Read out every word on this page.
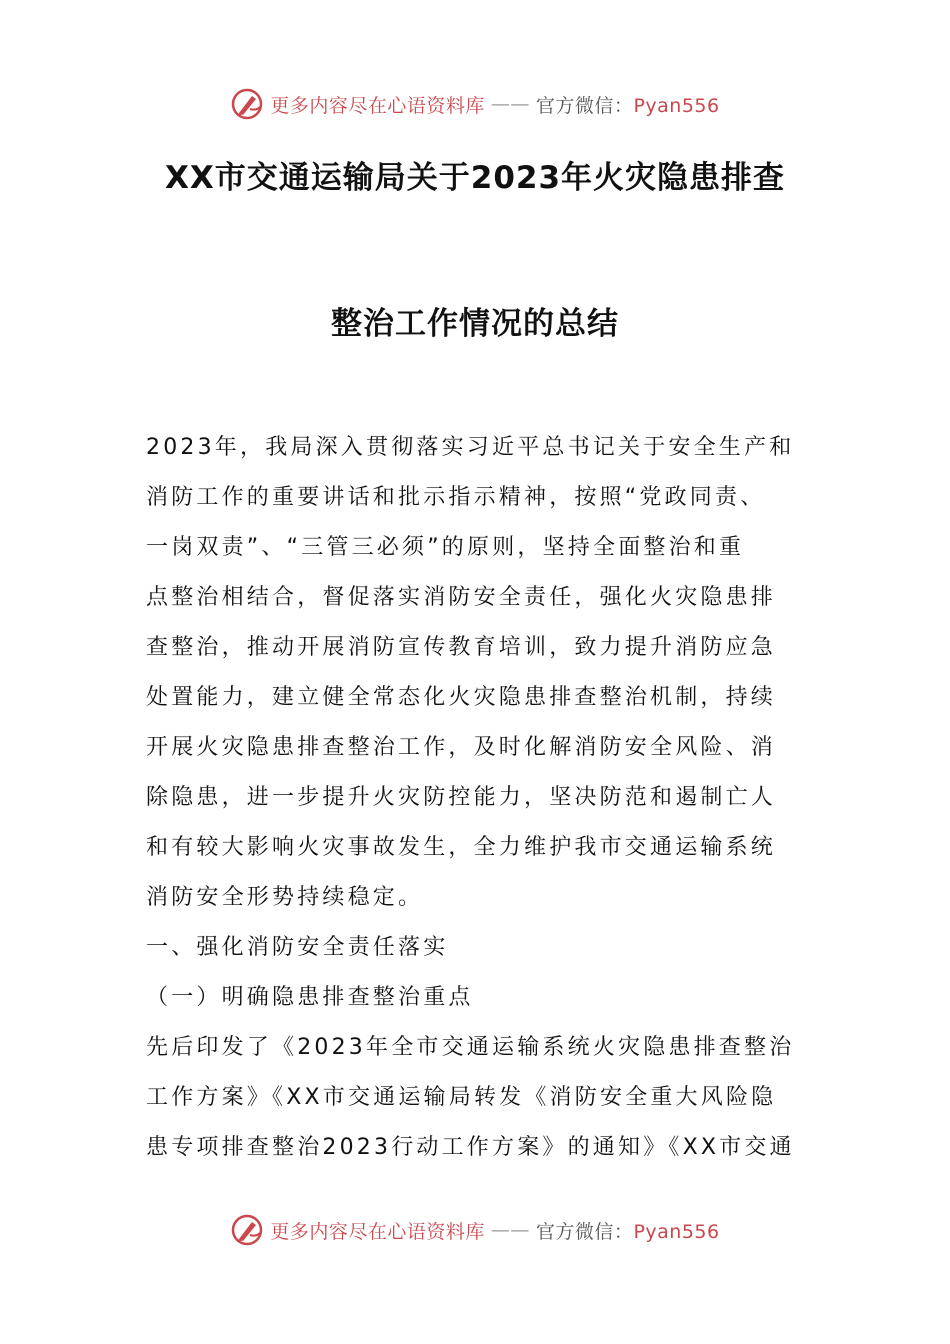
更多内容尽在心语资料库 —— 官方微信：Pyan556
XX市交通运输局关于2023年火灾隐患排查
整治工作情况的总结
2023年，我局深入贯彻落实习近平总书记关于安全生产和
消防工作的重要讲话和批示指示精神，按照“党政同责、
一岗双责”、“三管三必须”的原则，坚持全面整治和重
点整治相结合，督促落实消防安全责任，强化火灾隐患排
查整治，推动开展消防宣传教育培训，致力提升消防应急
处置能力，建立健全常态化火灾隐患排查整治机制，持续
开展火灾隐患排查整治工作，及时化解消防安全风险、消
除隐患，进一步提升火灾防控能力，坚决防范和遏制亡人
和有较大影响火灾事故发生，全力维护我市交通运输系统
消防安全形势持续稳定。
一、强化消防安全责任落实
（一）明确隐患排查整治重点
先后印发了《2023年全市交通运输系统火灾隐患排查整治
工作方案》《XX市交通运输局转发《消防安全重大风险隐
患专项排查整治2023行动工作方案》的通知》《XX市交通
更多内容尽在心语资料库 —— 官方微信：Pyan556
